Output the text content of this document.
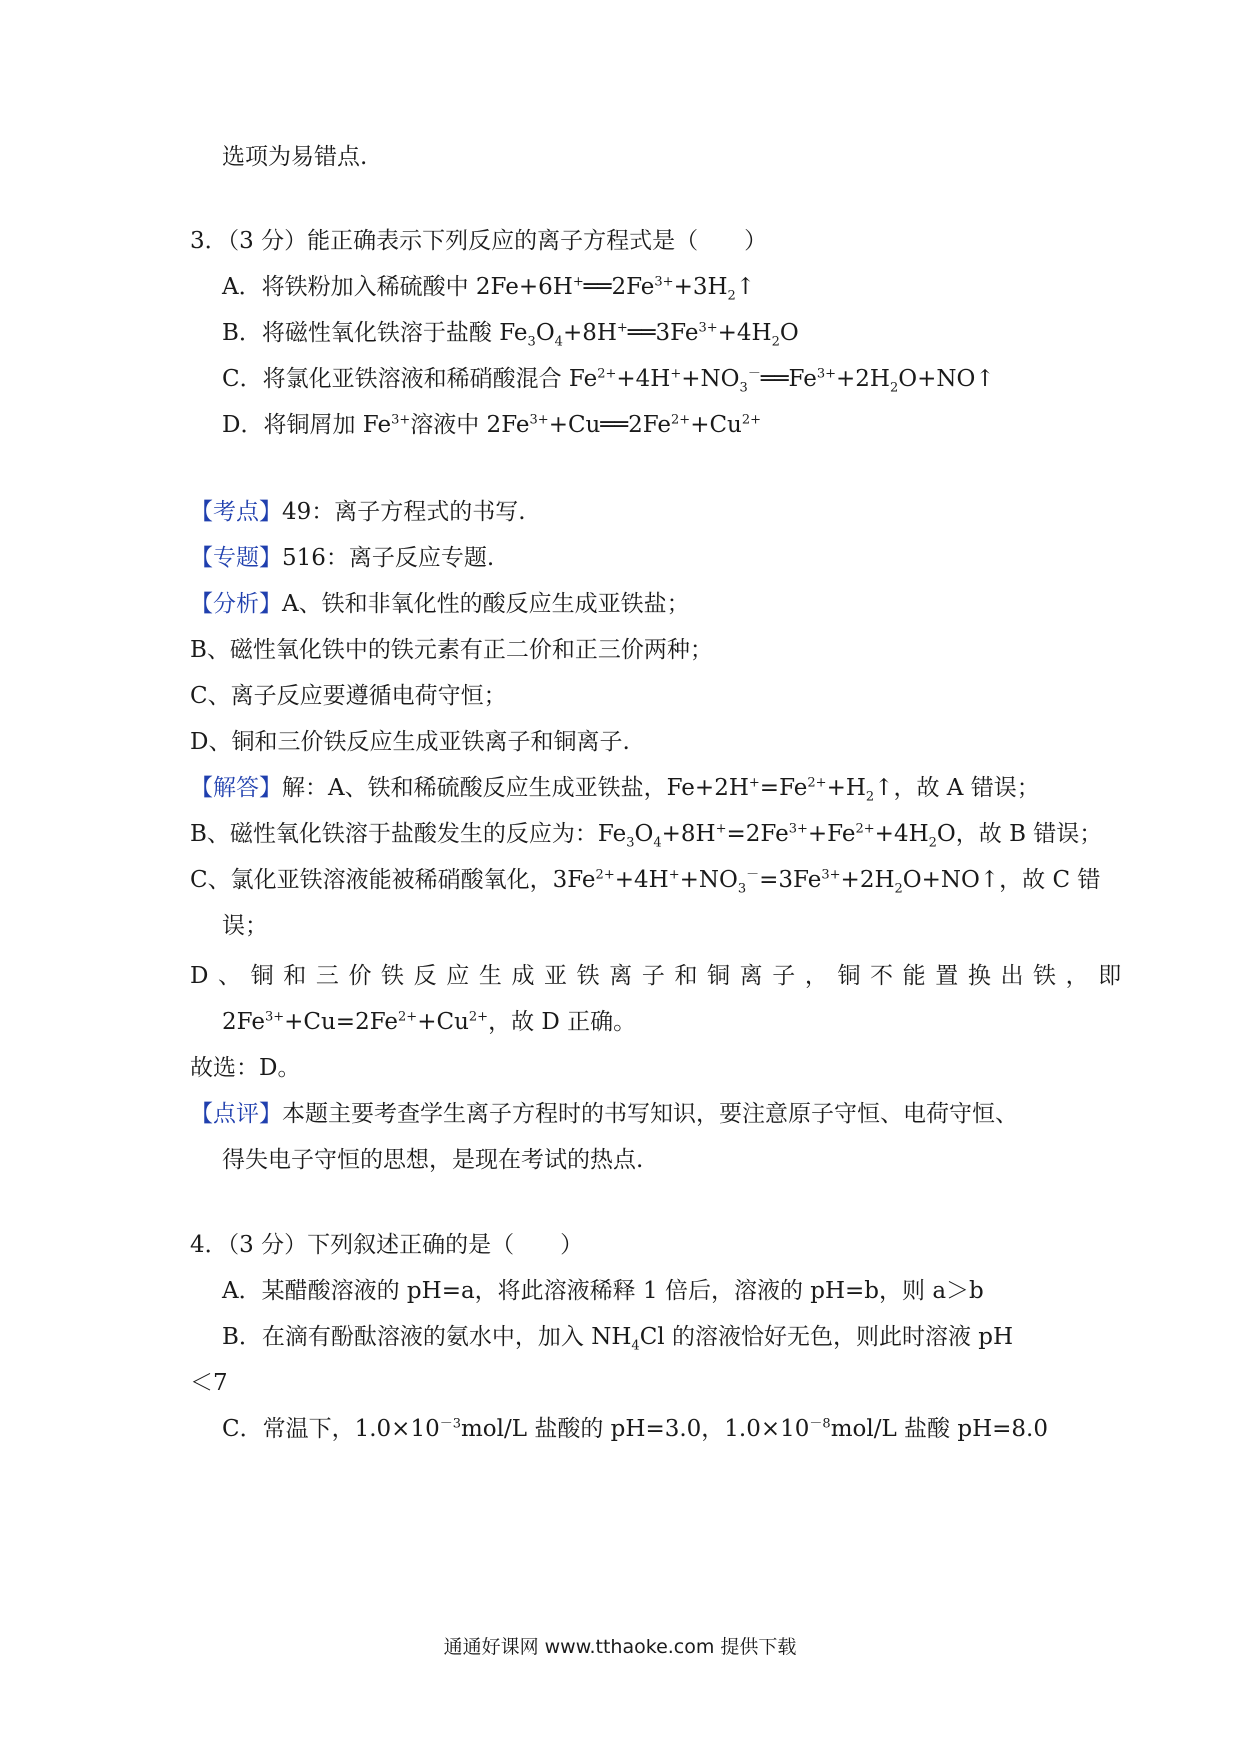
选项为易错点.
3．（3 分）能正确表示下列反应的离子方程式是（　　）
A．将铁粉加入稀硫酸中 $2Fe+6H^+══2Fe^{3+}+3H_2↑$
B．将磁性氧化铁溶于盐酸 $Fe_3O_4+8H^+══3Fe^{3+}+4H_2O$
C．将氯化亚铁溶液和稀硝酸混合 $Fe^{2+}+4H^++NO_3^-══Fe^{3+}+2H_2O+NO↑$
D．将铜屑加 $Fe^{3+}$溶液中 $2Fe^{3+}+Cu══2Fe^{2+}+Cu^{2+}$
【考点】49：离子方程式的书写.
【专题】516：离子反应专题.
【分析】A、铁和非氧化性的酸反应生成亚铁盐；
B、磁性氧化铁中的铁元素有正二价和正三价两种；
C、离子反应要遵循电荷守恒；
D、铜和三价铁反应生成亚铁离子和铜离子.
【解答】解：A、铁和稀硫酸反应生成亚铁盐，$Fe+2H^+=Fe^{2+}+H_2↑$，故 A 错误；
B、磁性氧化铁溶于盐酸发生的反应为：$Fe_3O_4+8H^+=2Fe^{3+}+Fe^{2+}+4H_2O$，故 B 错误；
C、氯化亚铁溶液能被稀硝酸氧化，$3Fe^{2+}+4H^++NO_3^-=3Fe^{3+}+2H_2O+NO↑$，故 C 错
误；
D、铜和三价铁反应生成亚铁离子和铜离子，铜不能置换出铁，即
$2Fe^{3+}+Cu=2Fe^{2+}+Cu^{2+}$，故 D 正确。
故选：D。
【点评】本题主要考查学生离子方程时的书写知识，要注意原子守恒、电荷守恒、
得失电子守恒的思想，是现在考试的热点.
4．（3 分）下列叙述正确的是（　　）
A．某醋酸溶液的 pH=a，将此溶液稀释 1 倍后，溶液的 pH=b，则 a＞b
B．在滴有酚酞溶液的氨水中，加入 $NH_4Cl$ 的溶液恰好无色，则此时溶液 pH
＜7
C．常温下，$1.0\times 10^{-3}mol/L$ 盐酸的 pH=3.0，$1.0\times 10^{-8}mol/L$ 盐酸 pH=8.0
通通好课网 www.tthaoke.com 提供下载
